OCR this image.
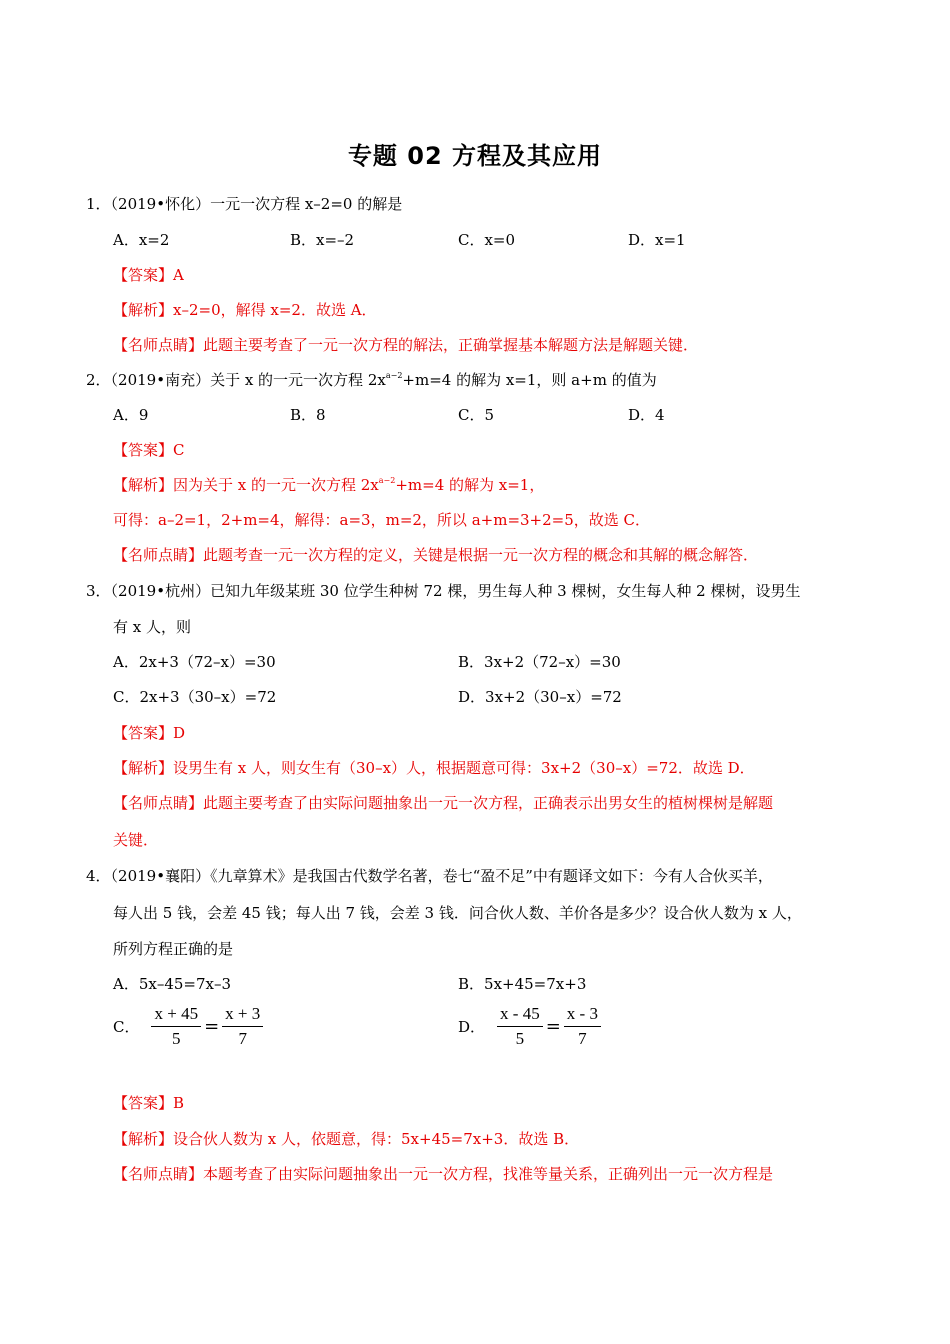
专题 02 方程及其应用
1．（2019•怀化）一元一次方程 x–2=0 的解是
A．x=2	B．x=–2	C．x=0	D．x=1
【答案】A
【解析】x–2=0，解得 x=2．故选 A．
【名师点睛】此题主要考查了一元一次方程的解法，正确掌握基本解题方法是解题关键．
2．（2019•南充）关于 x 的一元一次方程 $2x^{a-2}+m=4$ 的解为 x=1，则 a+m 的值为
A．9	B．8	C．5	D．4
【答案】C
【解析】因为关于 x 的一元一次方程 $2x^{a-2}+m=4$ 的解为 x=1，
可得：a–2=1，2+m=4，解得：a=3，m=2，所以 a+m=3+2=5，故选 C．
【名师点睛】此题考查一元一次方程的定义，关键是根据一元一次方程的概念和其解的概念解答．
3．（2019•杭州）已知九年级某班 30 位学生种树 72 棵，男生每人种 3 棵树，女生每人种 2 棵树，设男生
有 x 人，则
A．2x+3（72–x）=30	B．3x+2（72–x）=30
C．2x+3（30–x）=72	D．3x+2（30–x）=72
【答案】D
【解析】设男生有 x 人，则女生有（30–x）人，根据题意可得：3x+2（30–x）=72．故选 D．
【名师点睛】此题主要考查了由实际问题抽象出一元一次方程，正确表示出男女生的植树棵树是解题
关键．
4．（2019•襄阳）《九章算术》是我国古代数学名著，卷七“盈不足”中有题译文如下：今有人合伙买羊，
每人出 5 钱，会差 45 钱；每人出 7 钱，会差 3 钱．问合伙人数、羊价各是多少？设合伙人数为 x 人，
所列方程正确的是
A．5x–45=7x–3	B．5x+45=7x+3
C． $\frac{x + 45}{5} = \frac{x + 3}{7}$	D． $\frac{x - 45}{5} = \frac{x - 3}{7}$
【答案】B
【解析】设合伙人数为 x 人，依题意，得：5x+45=7x+3．故选 B．
【名师点睛】本题考查了由实际问题抽象出一元一次方程，找准等量关系，正确列出一元一次方程是
